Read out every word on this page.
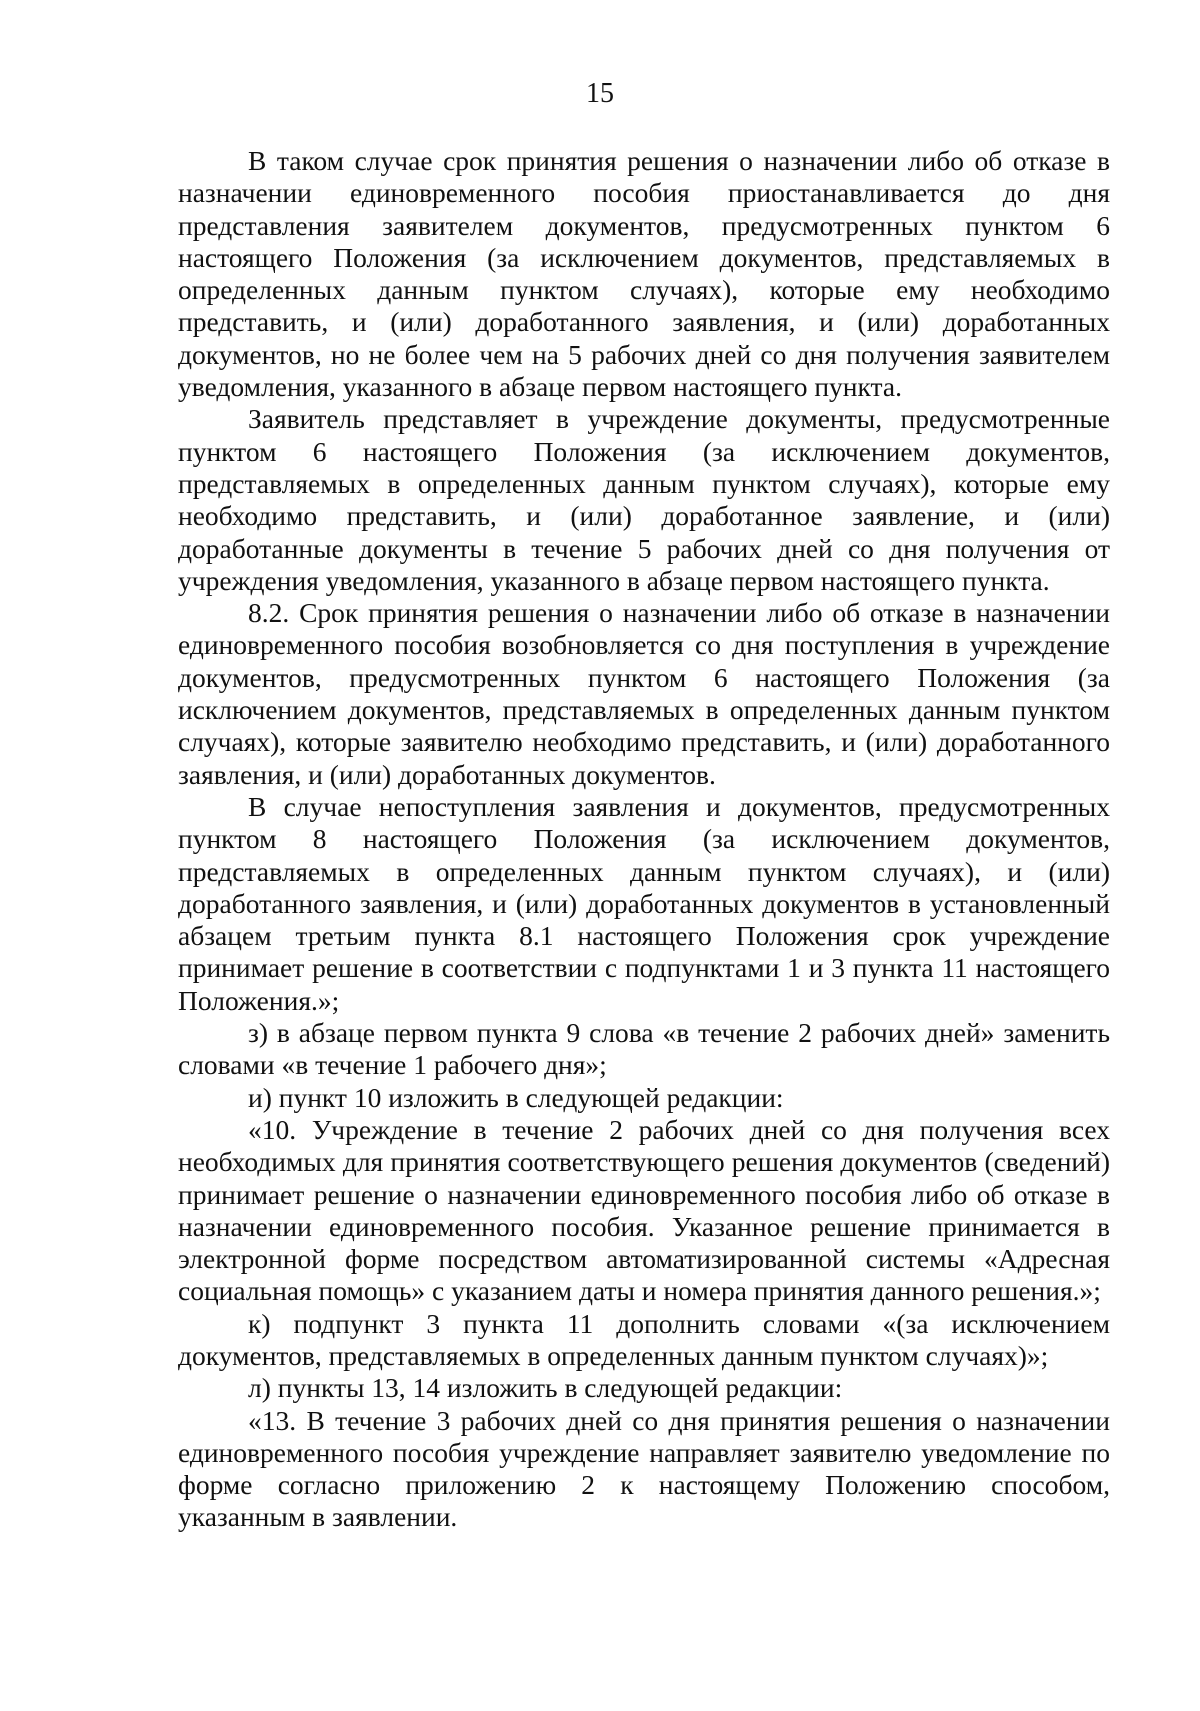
15

В таком случае срок принятия решения о назначении либо об отказе в назначении единовременного пособия приостанавливается до дня представления заявителем документов, предусмотренных пунктом 6 настоящего Положения (за исключением документов, представляемых в определенных данным пунктом случаях), которые ему необходимо представить, и (или) доработанного заявления, и (или) доработанных документов, но не более чем на 5 рабочих дней со дня получения заявителем уведомления, указанного в абзаце первом настоящего пункта.

Заявитель представляет в учреждение документы, предусмотренные пунктом 6 настоящего Положения (за исключением документов, представляемых в определенных данным пунктом случаях), которые ему необходимо представить, и (или) доработанное заявление, и (или) доработанные документы в течение 5 рабочих дней со дня получения от учреждения уведомления, указанного в абзаце первом настоящего пункта.

8.2. Срок принятия решения о назначении либо об отказе в назначении единовременного пособия возобновляется со дня поступления в учреждение документов, предусмотренных пунктом 6 настоящего Положения (за исключением документов, представляемых в определенных данным пунктом случаях), которые заявителю необходимо представить, и (или) доработанного заявления, и (или) доработанных документов.

В случае непоступления заявления и документов, предусмотренных пунктом 8 настоящего Положения (за исключением документов, представляемых в определенных данным пунктом случаях), и (или) доработанного заявления, и (или) доработанных документов в установленный абзацем третьим пункта 8.1 настоящего Положения срок учреждение принимает решение в соответствии с подпунктами 1 и 3 пункта 11 настоящего Положения.»;

з) в абзаце первом пункта 9 слова «в течение 2 рабочих дней» заменить словами «в течение 1 рабочего дня»;

и) пункт 10 изложить в следующей редакции:

«10. Учреждение в течение 2 рабочих дней со дня получения всех необходимых для принятия соответствующего решения документов (сведений) принимает решение о назначении единовременного пособия либо об отказе в назначении единовременного пособия. Указанное решение принимается в электронной форме посредством автоматизированной системы «Адресная социальная помощь» с указанием даты и номера принятия данного решения.»;

к) подпункт 3 пункта 11 дополнить словами «(за исключением документов, представляемых в определенных данным пунктом случаях)»;

л) пункты 13, 14 изложить в следующей редакции:

«13. В течение 3 рабочих дней со дня принятия решения о назначении единовременного пособия учреждение направляет заявителю уведомление по форме согласно приложению 2 к настоящему Положению способом, указанным в заявлении.
